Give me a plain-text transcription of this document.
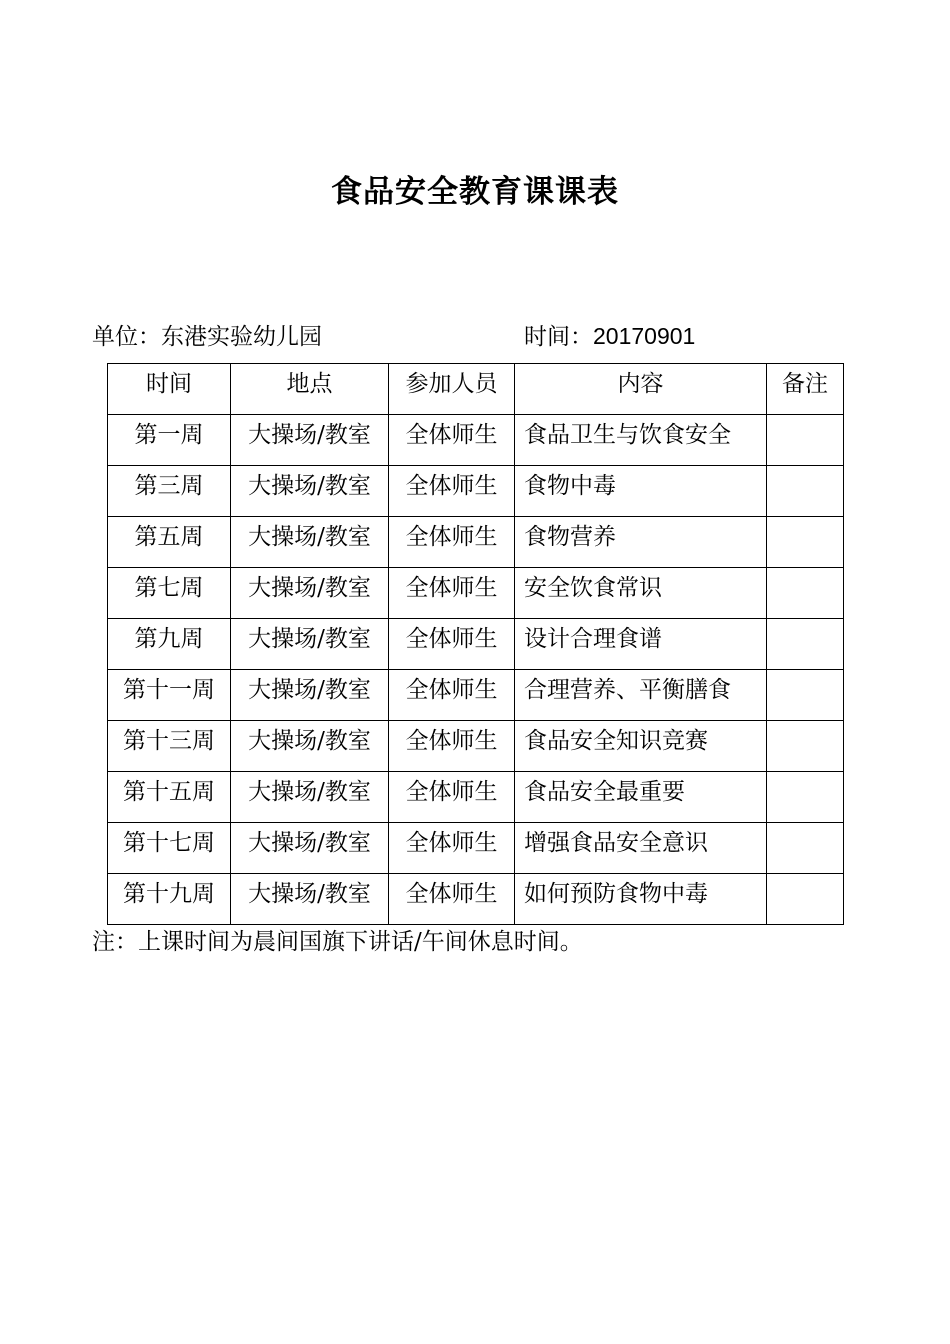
食品安全教育课课表
单位：东港实验幼儿园	时间：20170901
时间	地点	参加人员	内容	备注
第一周	大操场/教室	全体师生	食品卫生与饮食安全	
第三周	大操场/教室	全体师生	食物中毒	
第五周	大操场/教室	全体师生	食物营养	
第七周	大操场/教室	全体师生	安全饮食常识	
第九周	大操场/教室	全体师生	设计合理食谱	
第十一周	大操场/教室	全体师生	合理营养、平衡膳食	
第十三周	大操场/教室	全体师生	食品安全知识竞赛	
第十五周	大操场/教室	全体师生	食品安全最重要	
第十七周	大操场/教室	全体师生	增强食品安全意识	
第十九周	大操场/教室	全体师生	如何预防食物中毒	
注：上课时间为晨间国旗下讲话/午间休息时间。
